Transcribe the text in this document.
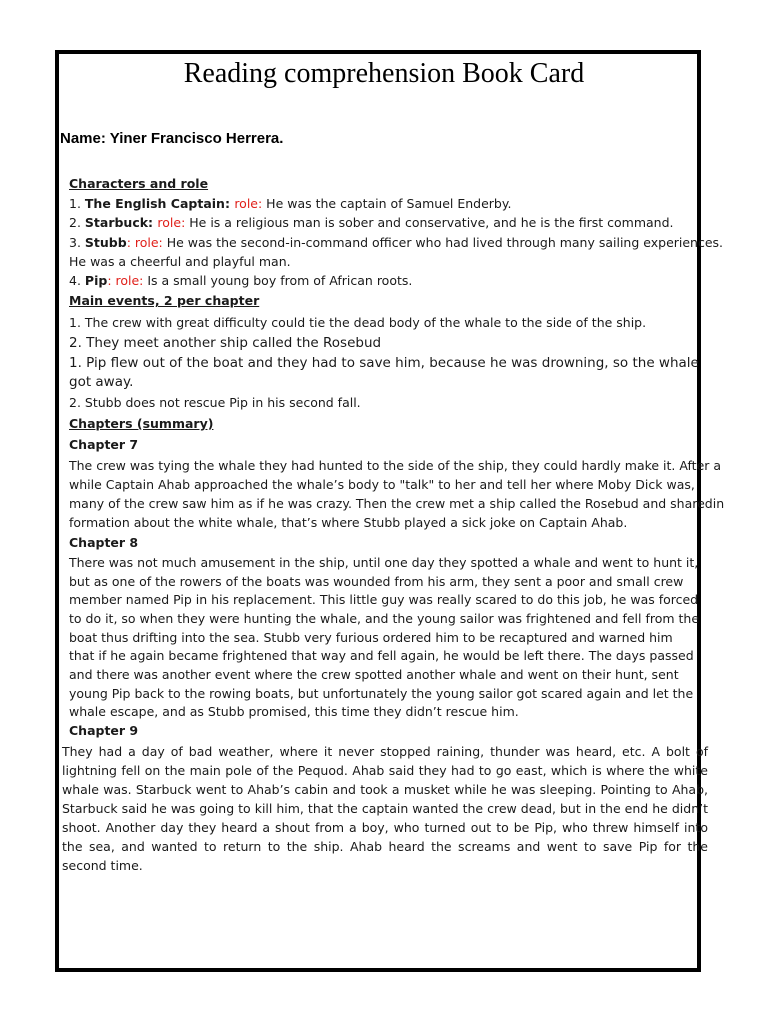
Reading comprehension Book Card
Name: Yiner Francisco Herrera.
Characters and role
1. The English Captain: role: He was the captain of Samuel Enderby.
2. Starbuck: role: He is a religious man is sober and conservative, and he is the first command.
3. Stubb: role: He was the second-in-command officer who had lived through many sailing experiences.
He was a cheerful and playful man.
4. Pip: role: Is a small young boy from of African roots.
Main events, 2 per chapter
1. The crew with great difficulty could tie the dead body of the whale to the side of the ship.
2. They meet another ship called the Rosebud
1. Pip flew out of the boat and they had to save him, because he was drowning, so the whale
got away.
2. Stubb does not rescue Pip in his second fall.
Chapters (summary)
Chapter 7
The crew was tying the whale they had hunted to the side of the ship, they could hardly make it. After a
while Captain Ahab approached the whale’s body to "talk" to her and tell her where Moby Dick was,
many of the crew saw him as if he was crazy. Then the crew met a ship called the Rosebud and sharedin
formation about the white whale, that’s where Stubb played a sick joke on Captain Ahab.
Chapter 8
There was not much amusement in the ship, until one day they spotted a whale and went to hunt it,
but as one of the rowers of the boats was wounded from his arm, they sent a poor and small crew
member named Pip in his replacement. This little guy was really scared to do this job, he was forced
to do it, so when they were hunting the whale, and the young sailor was frightened and fell from the
boat thus drifting into the sea. Stubb very furious ordered him to be recaptured and warned him
that if he again became frightened that way and fell again, he would be left there. The days passed
and there was another event where the crew spotted another whale and went on their hunt, sent
young Pip back to the rowing boats, but unfortunately the young sailor got scared again and let the
whale escape, and as Stubb promised, this time they didn’t rescue him.
Chapter 9
They had a day of bad weather, where it never stopped raining, thunder was heard, etc. A bolt of lightning fell on the main pole of the Pequod. Ahab said they had to go east, which is where the white whale was. Starbuck went to Ahab’s cabin and took a musket while he was sleeping. Pointing to Ahab, Starbuck said he was going to kill him, that the captain wanted the crew dead, but in the end he didn’t shoot. Another day they heard a shout from a boy, who turned out to be Pip, who threw himself into the sea, and wanted to return to the ship. Ahab heard the screams and went to save Pip for the second time.
